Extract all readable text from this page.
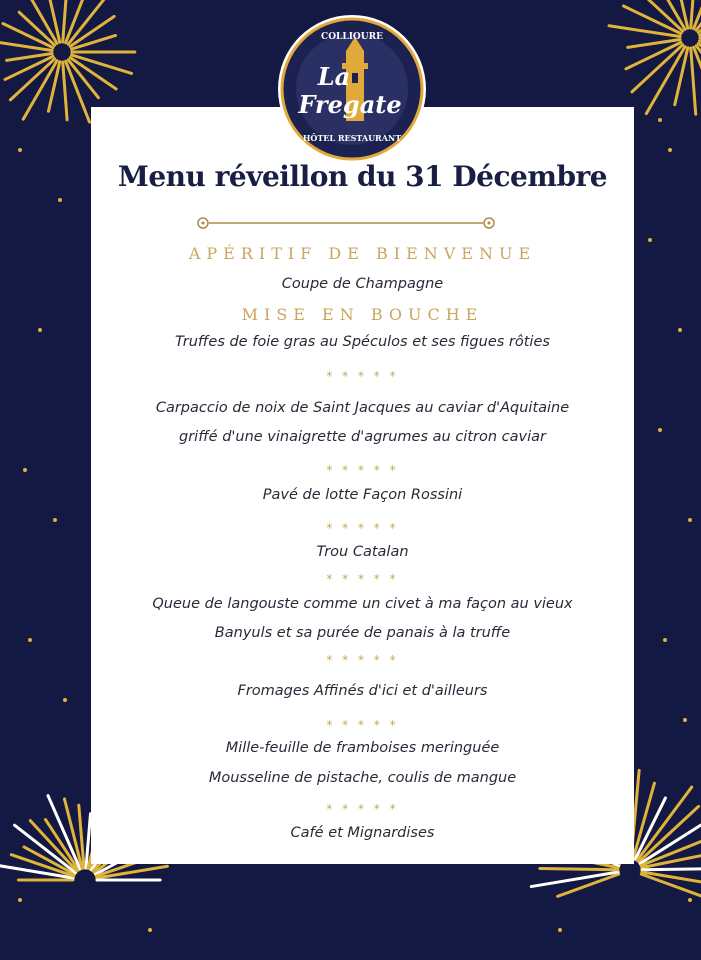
COLLIOURE
La
Fregate
HÔTEL RESTAURANT
Menu réveillon du 31 Décembre
APÉRITIF DE BIENVENUE
Coupe de Champagne
MISE EN BOUCHE
Truffes de foie gras au Spéculos et ses figues rôties
* * * * *
Carpaccio de noix de Saint Jacques au caviar d'Aquitaine
griffé d'une vinaigrette d'agrumes au citron caviar
* * * * *
Pavé de lotte Façon Rossini
* * * * *
Trou Catalan
* * * * *
Queue de langouste comme un civet à ma façon au vieux
Banyuls et sa purée de panais à la truffe
* * * * *
Fromages Affinés d'ici et d'ailleurs
* * * * *
Mille-feuille de framboises meringuée
Mousseline de pistache, coulis de mangue
* * * * *
Café et Mignardises
